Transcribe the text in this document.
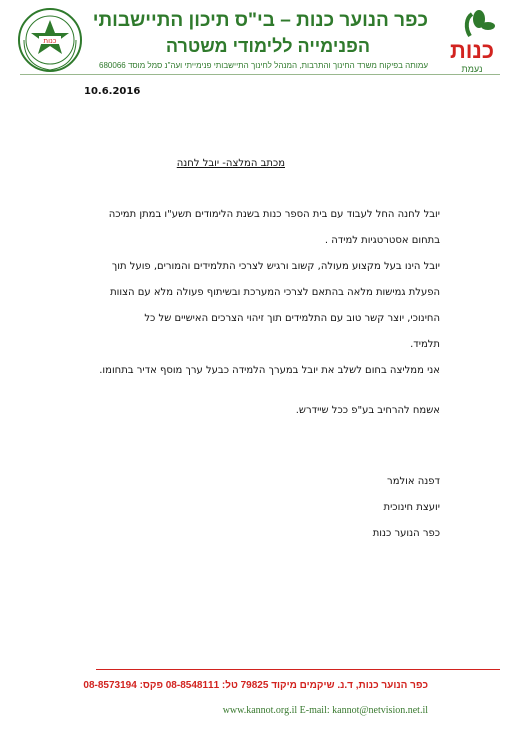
כפר הנוער כנות – בי"ס תיכון התיישבותי
הפנימייה ללימודי משטרה
עמותה בפיקוח משרד החינוך והתרבות, המנהל לחינוך התיישבותי פנימייתי ועה"נ סמל מוסד 680066
כנות	כנות
נעמת
10.6.2016
מכתב המלצה- יובל לחנה
יובל לחנה החל לעבוד עם בית הספר כנות בשנת הלימודים תשע"ו במתן תמיכה
בתחום אסטרטגיות למידה .
יובל הינו בעל מקצוע מעולה, קשוב ורגיש לצרכי התלמידים והמורים, פועל תוך
הפעלת גמישות מלאה בהתאם לצרכי המערכת ובשיתוף פעולה מלא עם הצוות
החינוכי, יוצר קשר טוב עם התלמידים תוך זיהוי הצרכים האישיים של כל
תלמיד.
אני ממליצה בחום לשלב את יובל במערך הלמידה כבעל ערך מוסף אדיר בתחומו.
אשמח להרחיב בע"פ ככל שיידרש.
דפנה אולמר
יועצת חינוכית
כפר הנוער כנות
כפר הנוער כנות, ד.נ. שיקמים מיקוד 79825 טל: 08-8548111 פקס: 08-8573194
www.kannot.org.il E-mail: kannot@netvision.net.il
